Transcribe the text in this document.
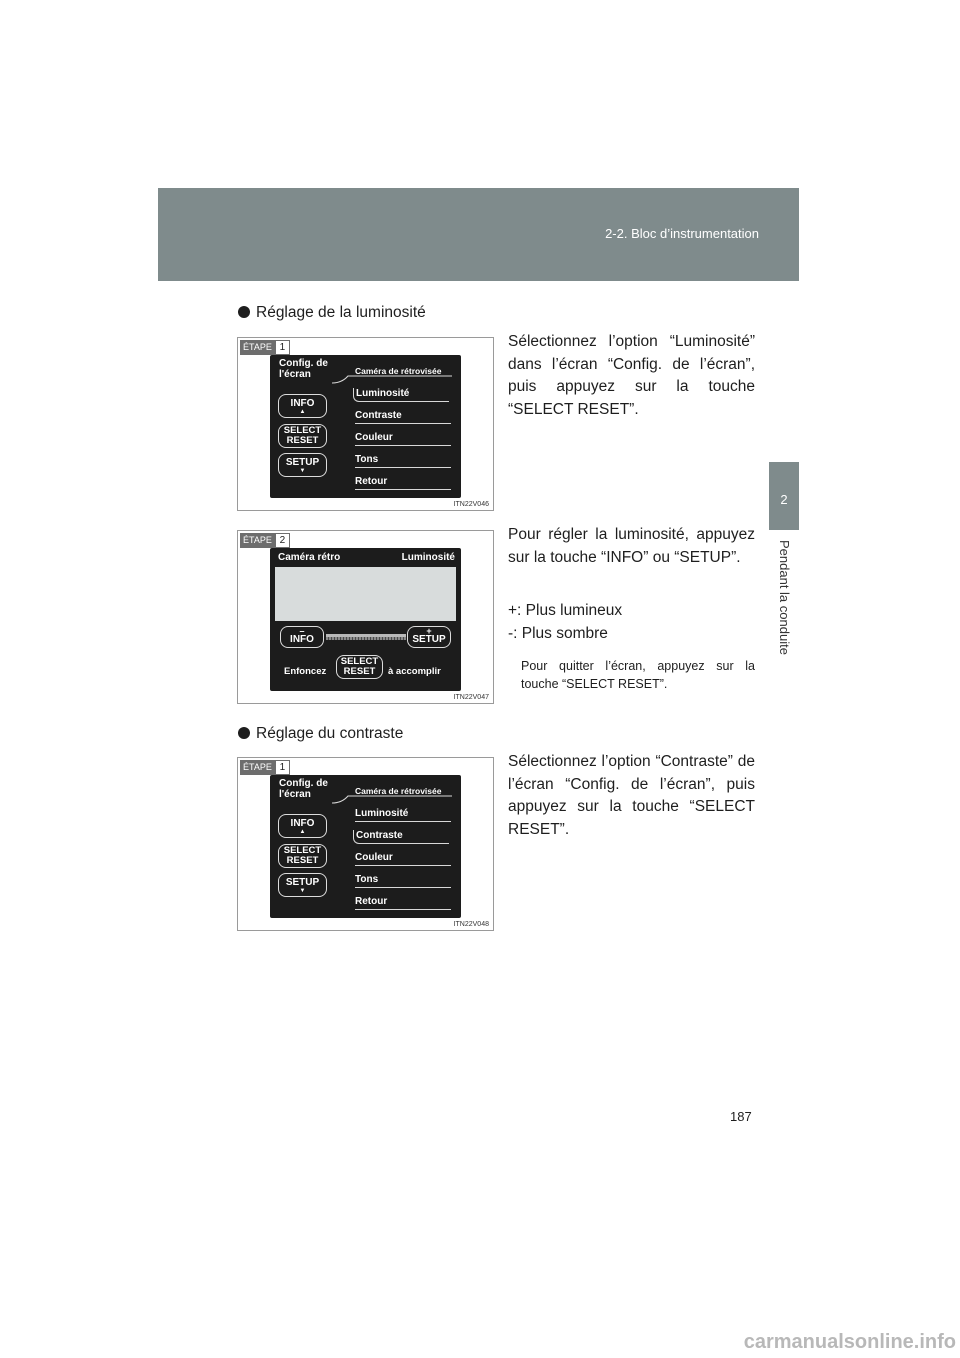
2-2. Bloc d’instrumentation
2
Pendant la conduite
Réglage de la luminosité
ÉTAPE 1
Config. de l'écran	Caméra de rétrovisée
INFO
▲
SELECT RESET
SETUP
▼
Luminosité
Contraste
Couleur
Tons
Retour
ITN22V046
ÉTAPE 2
Caméra rétro	Luminosité
–
INFO
+
SETUP
Enfoncez
SELECT
RESET	à accomplir
ITN22V047
Réglage du contraste
ÉTAPE 1
Config. de l'écran	Caméra de rétrovisée
INFO
▲
SELECT RESET
SETUP
▼
Luminosité
Contraste
Couleur
Tons
Retour
ITN22V048
Sélectionnez l’option “Luminosité” dans l’écran “Config. de l’écran”, puis appuyez sur la touche “SELECT RESET”.
Pour régler la luminosité, appuyez sur la touche “INFO” ou “SETUP”.
+: Plus lumineux
-: Plus sombre
Pour quitter l’écran, appuyez sur la touche “SELECT RESET”.
Sélectionnez l’option “Contraste” de l’écran “Config. de l’écran”, puis appuyez sur la touche “SELECT RESET”.
187
carmanualsonline.info
